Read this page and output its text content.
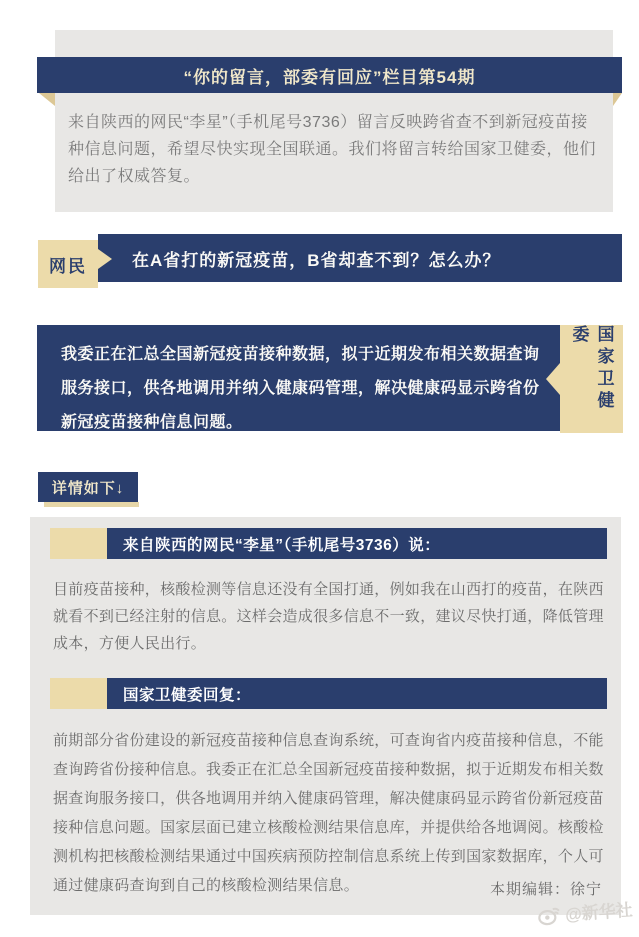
“你的留言，部委有回应”栏目第54期
来自陕西的网民“李星”（手机尾号3736）留言反映跨省查不到新冠疫苗接种信息问题，希望尽快实现全国联通。我们将留言转给国家卫健委，他们给出了权威答复。
在A省打的新冠疫苗，B省却查不到？怎么办？
网民
我委正在汇总全国新冠疫苗接种数据，拟于近期发布相关数据查询服务接口，供各地调用并纳入健康码管理，解决健康码显示跨省份新冠疫苗接种信息问题。
国家卫健委
详情如下↓
来自陕西的网民“李星”（手机尾号3736）说：
目前疫苗接种，核酸检测等信息还没有全国打通，例如我在山西打的疫苗，在陕西就看不到已经注射的信息。这样会造成很多信息不一致，建议尽快打通，降低管理成本，方便人民出行。
国家卫健委回复：
前期部分省份建设的新冠疫苗接种信息查询系统，可查询省内疫苗接种信息，不能查询跨省份接种信息。我委正在汇总全国新冠疫苗接种数据，拟于近期发布相关数据查询服务接口，供各地调用并纳入健康码管理，解决健康码显示跨省份新冠疫苗接种信息问题。国家层面已建立核酸检测结果信息库，并提供给各地调阅。核酸检测机构把核酸检测结果通过中国疾病预防控制信息系统上传到国家数据库，个人可通过健康码查询到自己的核酸检测结果信息。	本期编辑：徐宁
@新华社
